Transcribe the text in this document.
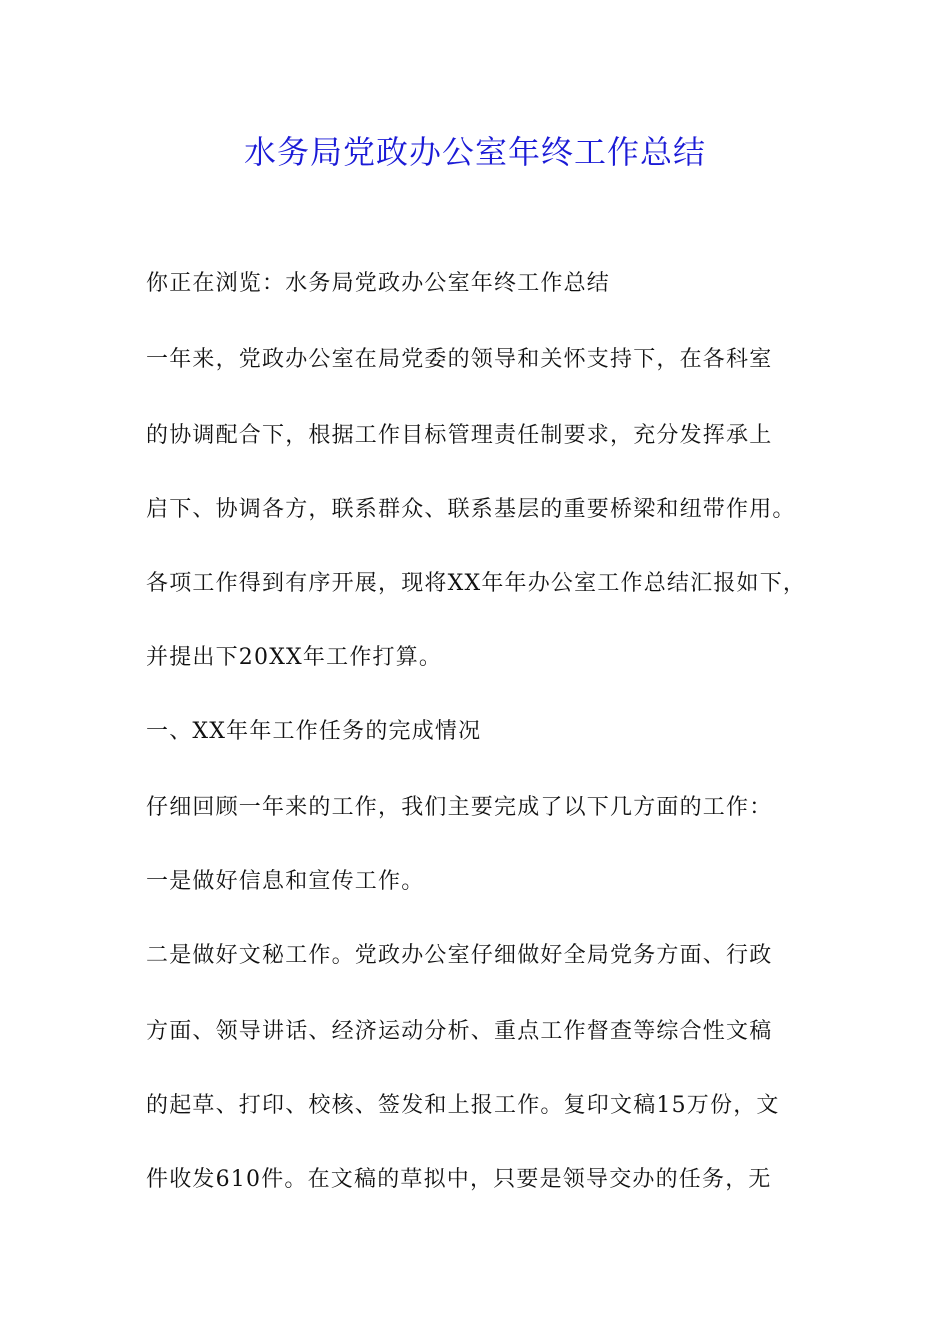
水务局党政办公室年终工作总结

你正在浏览：水务局党政办公室年终工作总结

一年来，党政办公室在局党委的领导和关怀支持下，在各科室

的协调配合下，根据工作目标管理责任制要求，充分发挥承上

启下、协调各方，联系群众、联系基层的重要桥梁和纽带作用。

各项工作得到有序开展，现将XX年年办公室工作总结汇报如下，

并提出下20XX年工作打算。

一、XX年年工作任务的完成情况

仔细回顾一年来的工作，我们主要完成了以下几方面的工作：

一是做好信息和宣传工作。

二是做好文秘工作。党政办公室仔细做好全局党务方面、行政

方面、领导讲话、经济运动分析、重点工作督查等综合性文稿

的起草、打印、校核、签发和上报工作。复印文稿15万份，文

件收发610件。在文稿的草拟中，只要是领导交办的任务，无
